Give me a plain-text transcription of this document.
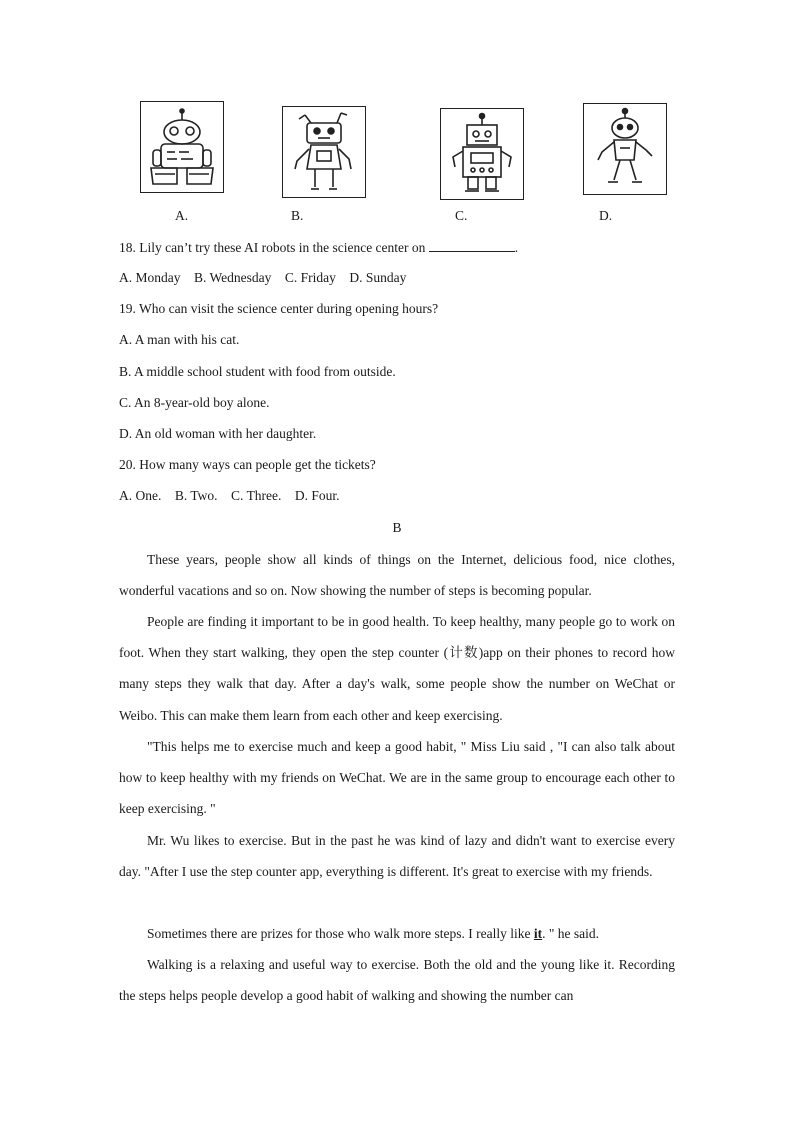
A.	B.	C.	D.
18. Lily can’t try these AI robots in the science center on	.
A. Monday    B. Wednesday    C. Friday    D. Sunday
19. Who can visit the science center during opening hours?
A. A man with his cat.
B. A middle school student with food from outside.
C. An 8-year-old boy alone.
D. An old woman with her daughter.
20. How many ways can people get the tickets?
A. One.    B. Two.    C. Three.    D. Four.
B
These years, people show all kinds of things on the Internet, delicious food, nice clothes, wonderful vacations and so on. Now showing the number of steps is becoming popular.
People are finding it important to be in good health. To keep healthy, many people go to work on foot. When they start walking, they open the step counter (计数)app on their phones to record how many steps they walk that day. After a day's walk, some people show the number on WeChat or Weibo. This can make them learn from each other and keep exercising.
"This helps me to exercise much and keep a good habit, " Miss Liu said , "I can also talk about how to keep healthy with my friends on WeChat. We are in the same group to encourage each other to keep exercising. "
Mr. Wu likes to exercise. But in the past he was kind of lazy and didn't want to exercise every day. "After I use the step counter app, everything is different. It's great to exercise with my friends.
Sometimes there are prizes for those who walk more steps. I really like it. " he said.
Walking is a relaxing and useful way to exercise. Both the old and the young like it. Recording the steps helps people develop a good habit of walking and showing the number can
